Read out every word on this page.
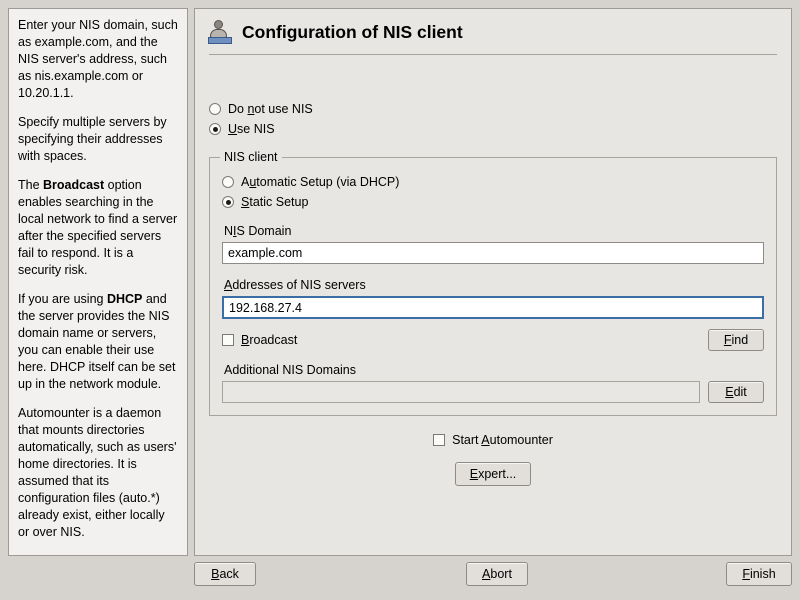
Enter your NIS domain, such as example.com, and the NIS server's address, such as nis.example.com or 10.20.1.1.

Specify multiple servers by specifying their addresses with spaces.

The Broadcast option enables searching in the local network to find a server after the specified servers fail to respond. It is a security risk.

If you are using DHCP and the server provides the NIS domain name or servers, you can enable their use here. DHCP itself can be set up in the network module.

Automounter is a daemon that mounts directories automatically, such as users' home directories. It is assumed that its configuration files (auto.*) already exist, either locally or over NIS.

Configuration of NIS client
Do not use NIS
Use NIS
NIS client
Automatic Setup (via DHCP)
Static Setup
NIS Domain
example.com
Addresses of NIS servers
192.168.27.4
Broadcast	Find
Additional NIS Domains
Edit
Start Automounter
Expert...
Back	Abort	Finish
